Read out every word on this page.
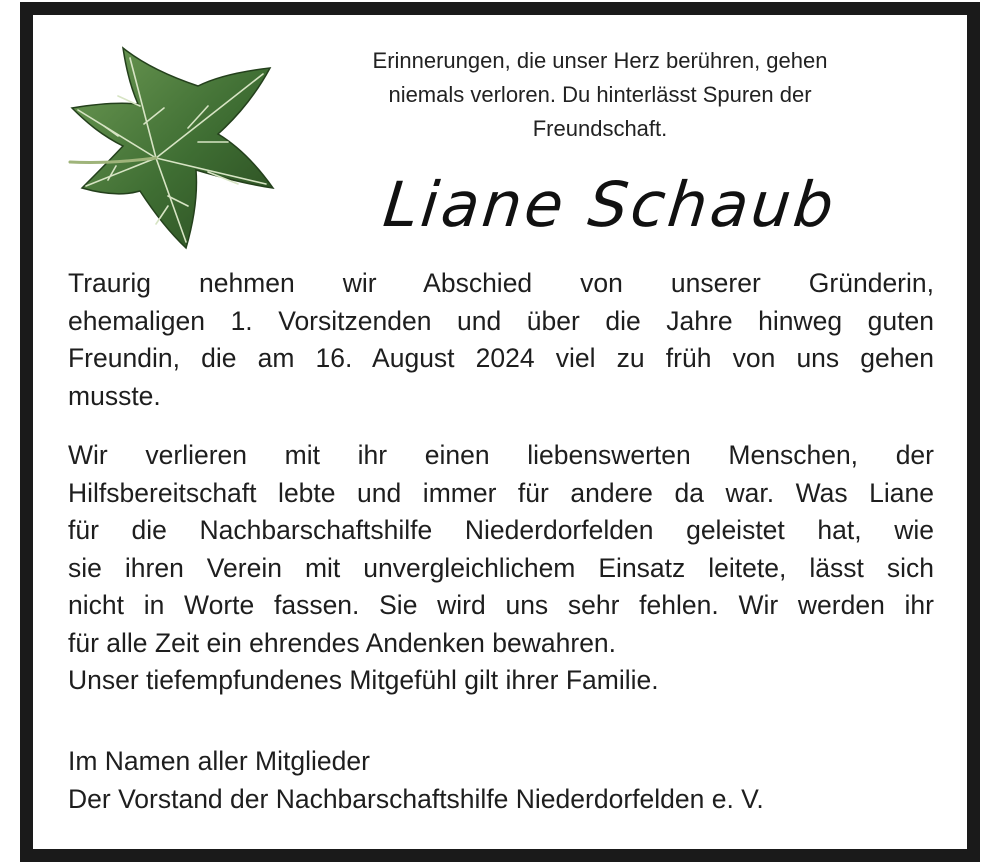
Erinnerungen, die unser Herz berühren, gehen
niemals verloren. Du hinterlässt Spuren der
Freundschaft.
Liane Schaub
Traurig nehmen wir Abschied von unserer Gründerin,
ehemaligen 1. Vorsitzenden und über die Jahre hinweg guten
Freundin, die am 16. August 2024 viel zu früh von uns gehen
musste.
Wir verlieren mit ihr einen liebenswerten Menschen, der
Hilfsbereitschaft lebte und immer für andere da war. Was Liane
für die Nachbarschaftshilfe Niederdorfelden geleistet hat, wie
sie ihren Verein mit unvergleichlichem Einsatz leitete, lässt sich
nicht in Worte fassen. Sie wird uns sehr fehlen. Wir werden ihr
für alle Zeit ein ehrendes Andenken bewahren.
Unser tiefempfundenes Mitgefühl gilt ihrer Familie.
Im Namen aller Mitglieder
Der Vorstand der Nachbarschaftshilfe Niederdorfelden e. V.
